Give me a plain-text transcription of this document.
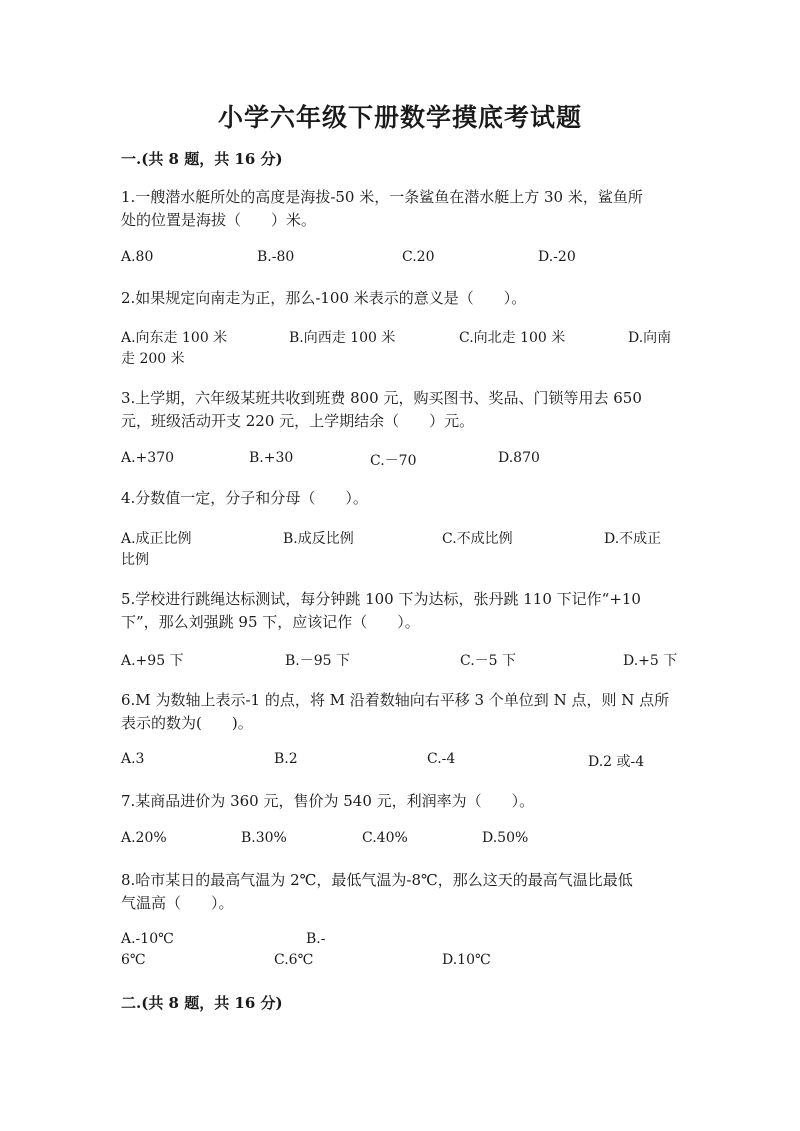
小学六年级下册数学摸底考试题
一.(共 8 题，共 16 分)
1.一艘潜水艇所处的高度是海拔-50 米，一条鲨鱼在潜水艇上方 30 米，鲨鱼所
处的位置是海拔（　　）米。
A.80	B.-80	C.20	D.-20
2.如果规定向南走为正，那么-100 米表示的意义是（　　）。
A.向东走 100 米	B.向西走 100 米	C.向北走 100 米	D.向南
走 200 米
3.上学期，六年级某班共收到班费 800 元，购买图书、奖品、门锁等用去 650
元，班级活动开支 220 元，上学期结余（　　）元。
A.+370	B.+30	C.－70	D.870
4.分数值一定，分子和分母（　　）。
A.成正比例	B.成反比例	C.不成比例	D.不成正
比例
5.学校进行跳绳达标测试，每分钟跳 100 下为达标，张丹跳 110 下记作“+10
下”，那么刘强跳 95 下，应该记作（　　）。
A.+95 下	B.－95 下	C.－5 下	D.+5 下
6.M 为数轴上表示-1 的点，将 M 沿着数轴向右平移 3 个单位到 N 点，则 N 点所
表示的数为(　　)。
A.3	B.2	C.-4	D.2 或-4
7.某商品进价为 360 元，售价为 540 元，利润率为（　　）。
A.20%	B.30%	C.40%	D.50%
8.哈市某日的最高气温为 2℃，最低气温为-8℃，那么这天的最高气温比最低
气温高（　　）。
A.-10℃	B.-
6℃	C.6℃	D.10℃
二.(共 8 题，共 16 分)
